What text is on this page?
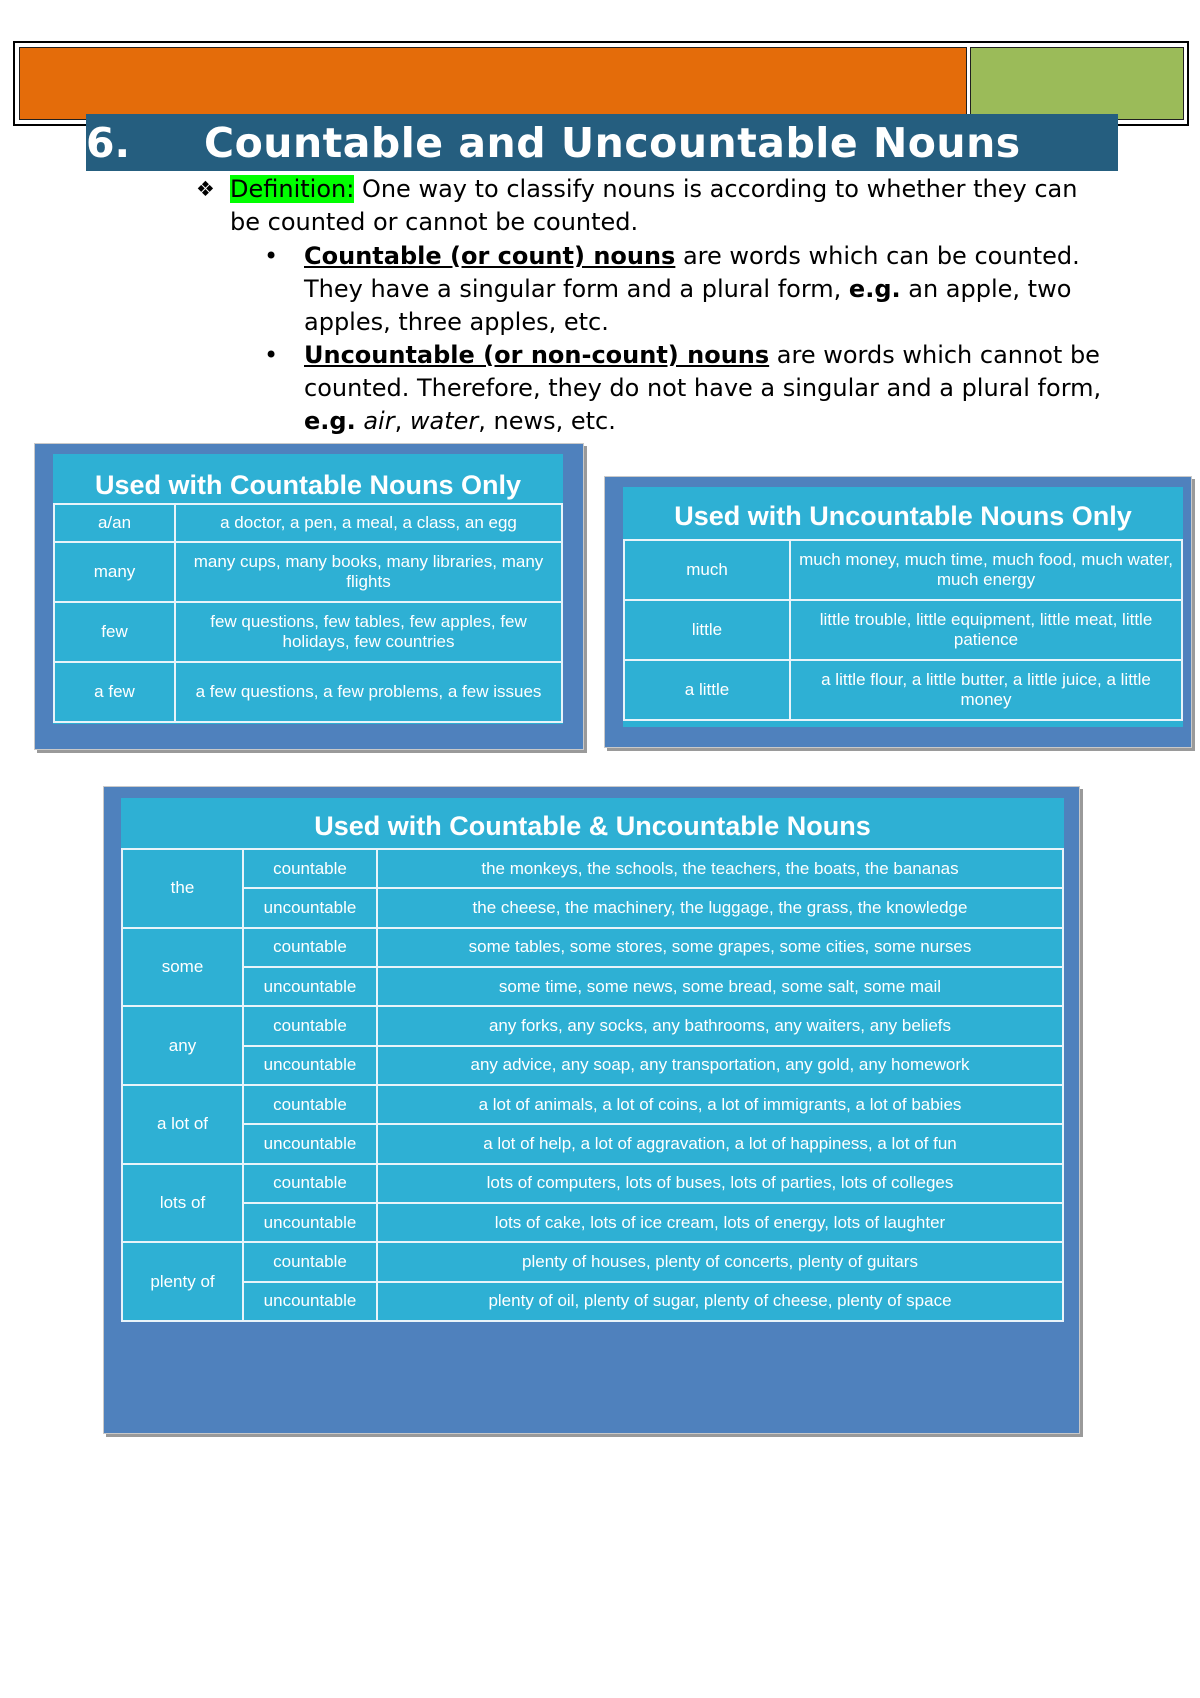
6.	Countable and Uncountable Nouns
❖ Definition: One way to classify nouns is according to whether they can be counted or cannot be counted.
• Countable (or count) nouns are words which can be counted. They have a singular form and a plural form, e.g. an apple, two apples, three apples, etc.
• Uncountable (or non-count) nouns are words which cannot be counted. Therefore, they do not have a singular and a plural form, e.g. air, water, news, etc.
Used with Countable Nouns Only
a/an	a doctor, a pen, a meal, a class, an egg
many	many cups, many books, many libraries, many flights
few	few questions, few tables, few apples, few holidays, few countries
a few	a few questions, a few problems, a few issues
Used with Uncountable Nouns Only
much	much money, much time, much food, much water, much energy
little	little trouble, little equipment, little meat, little patience
a little	a little flour, a little butter, a little juice, a little money
Used with Countable & Uncountable Nouns
the	countable	the monkeys, the schools, the teachers, the boats, the bananas
	uncountable	the cheese, the machinery, the luggage, the grass, the knowledge
some	countable	some tables, some stores, some grapes, some cities, some nurses
	uncountable	some time, some news, some bread, some salt, some mail
any	countable	any forks, any socks, any bathrooms, any waiters, any beliefs
	uncountable	any advice, any soap, any transportation, any gold, any homework
a lot of	countable	a lot of animals, a lot of coins, a lot of immigrants, a lot of babies
	uncountable	a lot of help, a lot of aggravation, a lot of happiness, a lot of fun
lots of	countable	lots of computers, lots of buses, lots of parties, lots of colleges
	uncountable	lots of cake, lots of ice cream, lots of energy, lots of laughter
plenty of	countable	plenty of houses, plenty of concerts, plenty of guitars
	uncountable	plenty of oil, plenty of sugar, plenty of cheese, plenty of space
